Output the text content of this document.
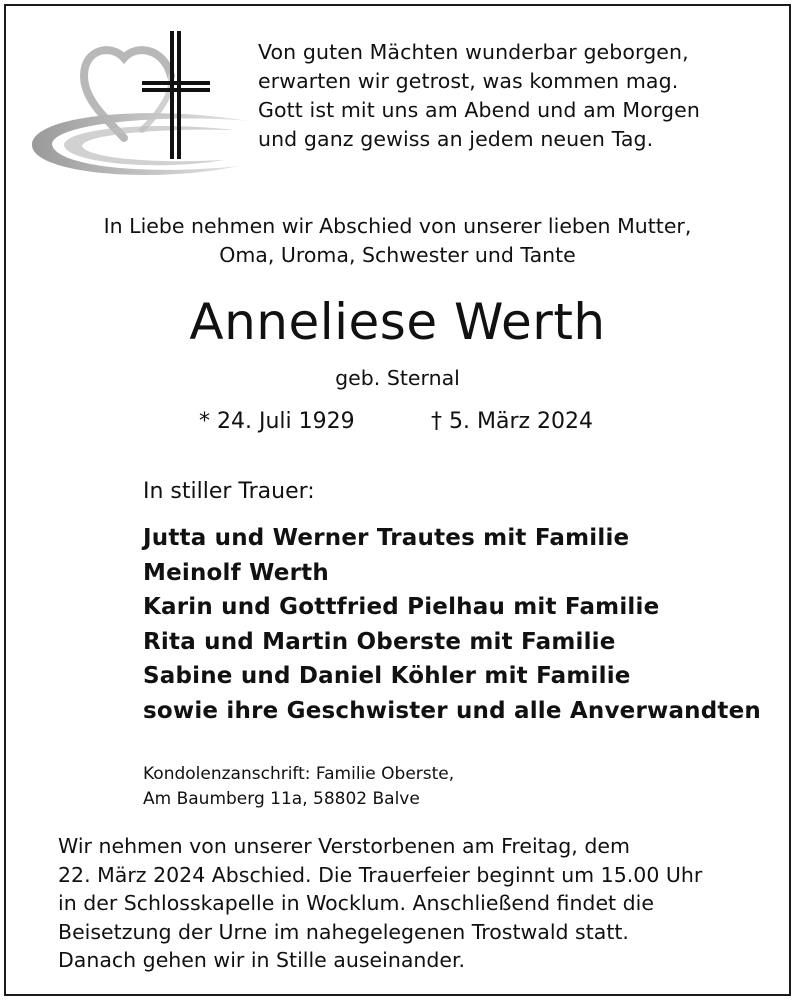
Von guten Mächten wunderbar geborgen,
erwarten wir getrost, was kommen mag.
Gott ist mit uns am Abend und am Morgen
und ganz gewiss an jedem neuen Tag.
In Liebe nehmen wir Abschied von unserer lieben Mutter,
Oma, Uroma, Schwester und Tante
Anneliese Werth
geb. Sternal
* 24. Juli 1929	† 5. März 2024
In stiller Trauer:
Jutta und Werner Trautes mit Familie
Meinolf Werth
Karin und Gottfried Pielhau mit Familie
Rita und Martin Oberste mit Familie
Sabine und Daniel Köhler mit Familie
sowie ihre Geschwister und alle Anverwandten
Kondolenzanschrift: Familie Oberste,
Am Baumberg 11a, 58802 Balve
Wir nehmen von unserer Verstorbenen am Freitag, dem
22. März 2024 Abschied. Die Trauerfeier beginnt um 15.00 Uhr
in der Schlosskapelle in Wocklum. Anschließend findet die
Beisetzung der Urne im nahegelegenen Trostwald statt.
Danach gehen wir in Stille auseinander.
